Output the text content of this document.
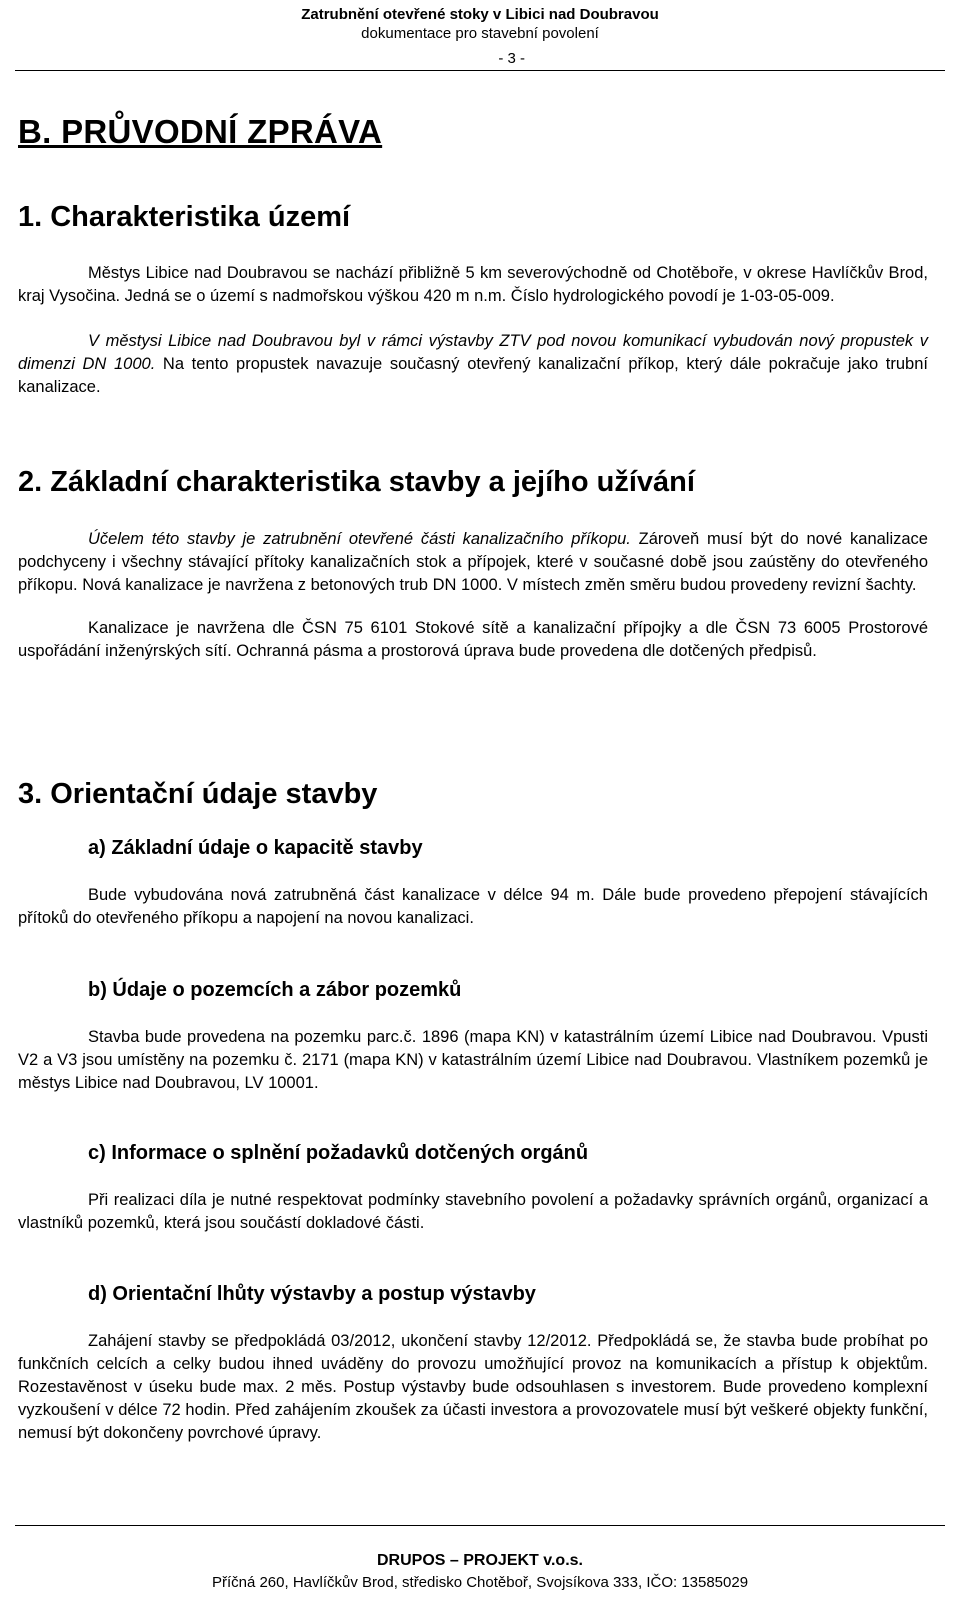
Zatrubnění otevřené stoky v Libici nad Doubravou
dokumentace pro stavební povolení
- 3 -
B. PRŮVODNÍ ZPRÁVA
1. Charakteristika území

Městys Libice nad Doubravou se nachází přibližně 5 km severovýchodně od Chotěboře, v okrese Havlíčkův Brod, kraj Vysočina. Jedná se o území s nadmořskou výškou 420 m n.m. Číslo hydrologického povodí je 1-03-05-009.

V městysi Libice nad Doubravou byl v rámci výstavby ZTV pod novou komunikací vybudován nový propustek v dimenzi DN 1000. Na tento propustek navazuje současný otevřený kanalizační příkop, který dále pokračuje jako trubní kanalizace.

2. Základní charakteristika stavby a jejího užívání

Účelem této stavby je zatrubnění otevřené části kanalizačního příkopu. Zároveň musí být do nové kanalizace podchyceny i všechny stávající přítoky kanalizačních stok a přípojek, které v současné době jsou zaústěny do otevřeného příkopu. Nová kanalizace je navržena z betonových trub DN 1000. V místech změn směru budou provedeny revizní šachty.

Kanalizace je navržena dle ČSN 75 6101 Stokové sítě a kanalizační přípojky a dle ČSN 73 6005 Prostorové uspořádání inženýrských sítí. Ochranná pásma a prostorová úprava bude provedena dle dotčených předpisů.

3. Orientační údaje stavby
a) Základní údaje o kapacitě stavby

Bude vybudována nová zatrubněná část kanalizace v délce 94 m. Dále bude provedeno přepojení stávajících přítoků do otevřeného příkopu a napojení na novou kanalizaci.

b) Údaje o pozemcích a zábor pozemků

Stavba bude provedena na pozemku parc.č. 1896 (mapa KN) v katastrálním území Libice nad Doubravou. Vpusti V2 a V3 jsou umístěny na pozemku č. 2171 (mapa KN) v katastrálním území Libice nad Doubravou. Vlastníkem pozemků je městys Libice nad Doubravou, LV 10001.

c) Informace o splnění požadavků dotčených orgánů

Při realizaci díla je nutné respektovat podmínky stavebního povolení a požadavky správních orgánů, organizací a vlastníků pozemků, která jsou součástí dokladové části.

d) Orientační lhůty výstavby a postup výstavby

Zahájení stavby se předpokládá 03/2012, ukončení stavby 12/2012. Předpokládá se, že stavba bude probíhat po funkčních celcích a celky budou ihned uváděny do provozu umožňující provoz na komunikacích a přístup k objektům. Rozestavěnost v úseku bude max. 2 měs. Postup výstavby bude odsouhlasen s investorem. Bude provedeno komplexní vyzkoušení v délce 72 hodin. Před zahájením zkoušek za účasti investora a provozovatele musí být veškeré objekty funkční, nemusí být dokončeny povrchové úpravy.

DRUPOS – PROJEKT v.o.s.
Příčná 260, Havlíčkův Brod, středisko Chotěboř, Svojsíkova 333, IČO: 13585029
